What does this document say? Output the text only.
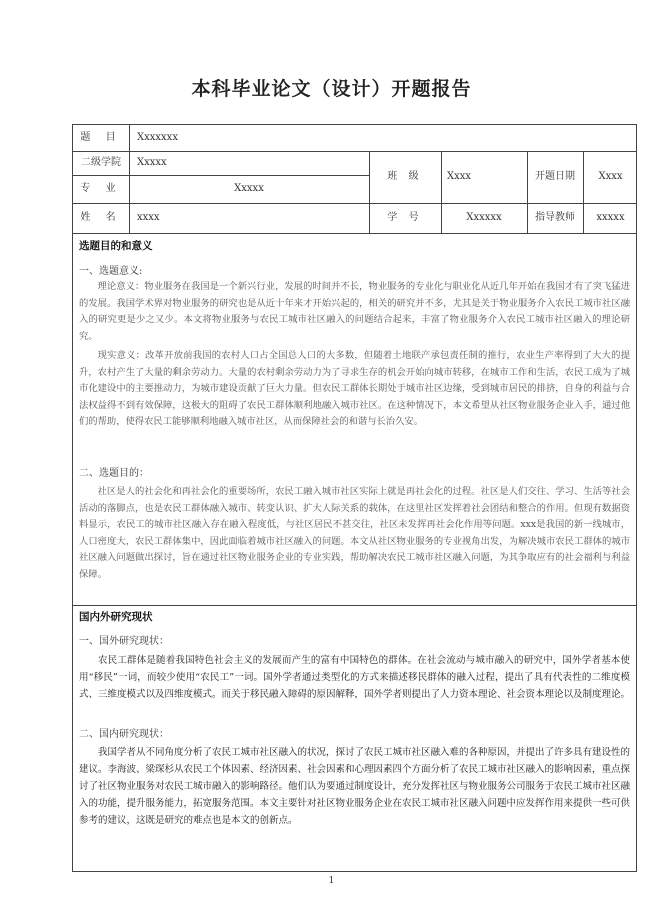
本科毕业论文（设计）开题报告
题 目	Xxxxxxx
二级学院	Xxxxx
专 业	Xxxxx
班 级	Xxxx	开题日期	Xxxx
姓 名	xxxx	学 号	Xxxxxx	指导教师	xxxxx
选题目的和意义
一、选题意义:

理论意义：物业服务在我国是一个新兴行业，发展的时间并不长，物业服务的专业化与职业化从近几年开始在我国才有了突飞猛进的发展。我国学术界对物业服务的研究也是从近十年来才开始兴起的，相关的研究并不多，尤其是关于物业服务介入农民工城市社区融入的研究更是少之又少。本文将物业服务与农民工城市社区融入的问题结合起来，丰富了物业服务介入农民工城市社区融入的理论研究。

现实意义：改革开放前我国的农村人口占全国总人口的大多数，但随着土地联产承包责任制的推行，农业生产率得到了大大的提升，农村产生了大量的剩余劳动力。大量的农村剩余劳动力为了寻求生存的机会开始向城市转移，在城市工作和生活，农民工成为了城市化建设中的主要推动力，为城市建设贡献了巨大力量。但农民工群体长期处于城市社区边缘，受到城市居民的排挤，自身的利益与合法权益得不到有效保障，这极大的阻碍了农民工群体顺利地融入城市社区。在这种情况下，本文希望从社区物业服务企业入手，通过他们的帮助，使得农民工能够顺利地融入城市社区，从而保障社会的和谐与长治久安。

二、选题目的：

社区是人的社会化和再社会化的重要场所，农民工融入城市社区实际上就是再社会化的过程。社区是人们交往、学习、生活等社会活动的落脚点，也是农民工群体融入城市、转变认识、扩大人际关系的载体，在这里社区发挥着社会团结和整合的作用。但现有数据资料显示，农民工的城市社区融入存在融入程度低，与社区居民不甚交往，社区未发挥再社会化作用等问题。xxx是我国的新一线城市，人口密度大，农民工群体集中，因此面临着城市社区融入的问题。本文从社区物业服务的专业视角出发，为解决城市农民工群体的城市社区融入问题做出探讨，旨在通过社区物业服务企业的专业实践，帮助解决农民工城市社区融入问题，为其争取应有的社会福利与利益保障。

国内外研究现状
一、国外研究现状：

农民工群体是随着我国特色社会主义的发展而产生的富有中国特色的群体。在社会流动与城市融入的研究中，国外学者基本使用“移民”一词，而较少使用“农民工”一词。国外学者通过类型化的方式来描述移民群体的融入过程，提出了具有代表性的二维度模式、三维度模式以及四维度模式。而关于移民融入障碍的原因解释，国外学者则提出了人力资本理论、社会资本理论以及制度理论。

二、国内研究现状：

我国学者从不同角度分析了农民工城市社区融入的状况，探讨了农民工城市社区融入难的各种原因，并提出了许多具有建设性的建议。李海波、梁琛杉从农民工个体因素、经济因素、社会因素和心理因素四个方面分析了农民工城市社区融入的影响因素，重点探讨了社区物业服务对农民工城市融入的影响路径。他们认为要通过制度设计，充分发挥社区与物业服务公司服务于农民工城市社区融入的功能，提升服务能力，拓宽服务范围。本文主要针对社区物业服务企业在农民工城市社区融入问题中应发挥作用来提供一些可供参考的建议，这既是研究的难点也是本文的创新点。

1
